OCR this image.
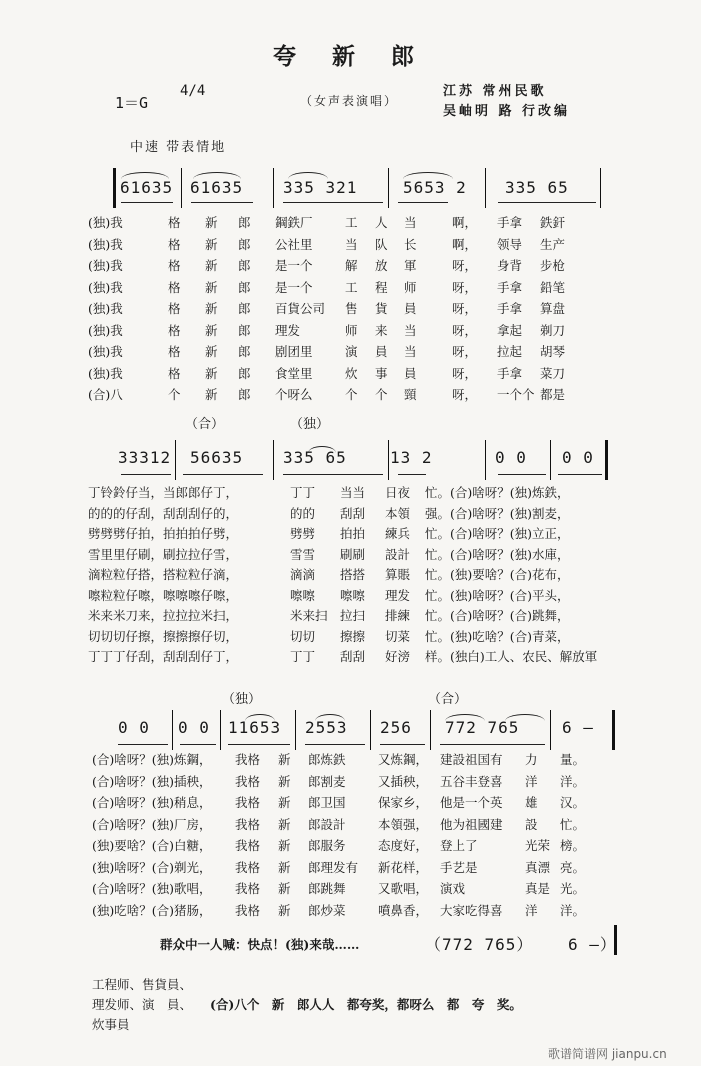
夸 新 郎
1＝G
4/4
（女声表演唱）
江苏 常州民歌
吴岫明 路 行改编
中速 带表情地
61635 61635 335 321	5653 2 335 65
(独)我	格 新 郎 鋼鉄厂	工 人 当	啊， 手拿 鉄釬
(独)我	格 新 郎 公社里	当 队 长	啊， 领导 生产
(独)我	格 新 郎 是一个	解 放 軍	呀， 身背 步枪
(独)我	格 新 郎 是一个	工 程 师	呀， 手拿 鉛笔
(独)我	格 新 郎 百貨公司 售 貨 員	呀， 手拿 算盘
(独)我	格 新 郎 理发	师 来 当	呀， 拿起 剃刀
(独)我	格 新 郎 剧团里	演 員 当	呀， 拉起 胡琴
(独)我	格 新 郎 食堂里	炊 事 員	呀， 手拿 菜刀
(合)八	个 新 郎 个呀么	个 个 頸	呀， 一个个 都是
（合）	（独）
33312 56635 335 65	13 2	0 0 0 0
丁铃鈴仔当，当郎郎仔丁，	丁丁 当当 日夜 忙。(合)啥呀？(独)炼鉄，
的的的仔刮，刮刮刮仔的，	的的 刮刮 本領 强。(合)啥呀？(独)割麦，
劈劈劈仔拍，拍拍拍仔劈，	劈劈 拍拍 練兵 忙。(合)啥呀？(独)立正，
雪里里仔刷，刷拉拉仔雪，	雪雪 刷刷 設計 忙。(合)啥呀？(独)水庫，
滴粒粒仔搭，搭粒粒仔滴，	滴滴 搭搭 算賬 忙。(独)要啥？(合)花布，
嚓粒粒仔嚓，嚓嚓嚓仔嚓，	嚓嚓 嚓嚓 理发 忙。(独)啥呀？(合)平头，
米来米刀来，拉拉拉米扫，	米来扫 拉扫 排練 忙。(合)啥呀？(合)跳舞，
切切切仔擦，擦擦擦仔切，	切切 擦擦 切菜 忙。(独)吃啥？(合)青菜，
丁丁丁仔刮，刮刮刮仔丁，	丁丁 刮刮 好滂 样。(独白)工人、农民、解放軍
（独）	（合）
0 0 0 0 11653 2553 256 772 765	6 —
(合)啥呀？(独)炼鋼， 我格 新 郎炼鉄	又炼鋼， 建設祖国有 力 量。
(合)啥呀？(独)插秧， 我格 新 郎割麦	又插秧， 五谷丰登喜 洋 洋。
(合)啥呀？(独)稍息， 我格 新 郎卫国	保家乡， 他是一个英 雄 汉。
(合)啥呀？(独)厂房， 我格 新 郎設計	本領强， 他为祖國建 設 忙。
(独)要啥？(合)白糖， 我格 新 郎服务	态度好， 登上了	光荣 榜。
(独)啥呀？(合)剃光， 我格 新 郎理发有 新花样， 手艺是	真漂 亮。
(合)啥呀？(独)歌唱， 我格 新 郎跳舞	又歌唱， 演戏	真是 光。
(独)吃啥？(合)猪肠， 我格 新 郎炒菜	噴鼻香， 大家吃得喜 洋 洋。
群众中一人喊：快点！(独)来哉……	（772 765） 6 —）
工程师、售貨員、
理发师、演　員、
炊事員
(合)八个　新　郎人人　都夸奖，都呀么　都　夸　奖。
歌谱简谱网 jianpu.cn
